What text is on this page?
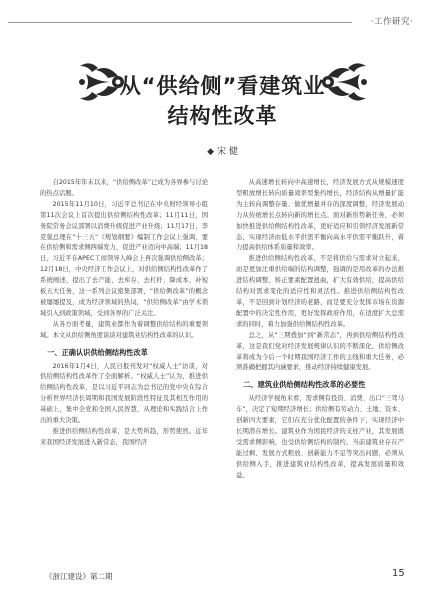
·工作研究·
从“供给侧”看建筑业
结构性改革
◆ 宋 健

自2015年年末以来，“供给侧改革”已成为各界参与讨论的热点话题。

2015年11月10日，习近平总书记在中央财经领导小组第11次会议上首次提出供给侧结构性改革；11月11日，国务院常务会议部署以消费升级促进产业升级；11月17日，李克强总理在“十三五”《规划纲要》编制工作会议上强调，要在供给侧和需求侧两端发力，促进产业迈向中高端；11月18日，习近平在APEC工商领导人峰会上再次强调供给侧改革；12月18日，中央经济工作会议上，对供给侧结构性改革作了系统阐述，提出了去产能、去库存、去杠杆、降成本、补短板五大任务，这一系列会议密集部署，“供给侧改革”的概念被屡屡提及，成为经济领域的热词，“供给侧改革”由学术领域引入到政策领域，受到各界的广泛关注。

从各方面考量，建筑业都作为着调整供给结构的重要领域。本文从供给侧角度谈谈对建筑业结构性改革的认识。

一、正确认识供给侧结构性改革

2016年1月4日，人民日报刊发对“权威人士”访谈，对供给侧结构性改革作了全面解析。“权威人士”认为，推进供给侧结构性改革，是以习近平同志为总书记的党中央在综合分析世界经济长周期和我国发展阶段性特征及其相互作用的基础上，集中全党和全国人民智慧，从理论和实践结合上作出的重大决策。

推进供给侧结构性改革，是大势所趋，形势使然。近年来我国经济发展进入新常态，我国经济

从高速增长转向中高速增长，经济发展方式从规模速度型粗放增长转向质量效率型集约增长，经济结构从增量扩能为主转向调整存量、做优增量并存的深度调整，经济发展动力从传统增长点转向新的增长点。面对新形势新任务，必须加快推进供给侧结构性改革，更好适应和引领经济发展新常态，实现经济由低水平供需平衡向高水平供需平衡跃升，着力提高供给体系质量和效率。

推进供给侧结构性改革，不是将供给与需求对立起来，而是更加注重供给端的结构调整，强调的是用改革的办法推进结构调整，矫正要素配置扭曲，扩大有效供给，提高供给结构对需求变化的适应性和灵活性。推进供给侧结构性改革，不是回到计划经济的老路，而是要充分发挥市场在资源配置中的决定性作用，更好发挥政府作用，在适度扩大总需求的同时，着力加强供给侧结构性改革。

总之，从“三期叠加”到“新常态”，再到供给侧结构性改革，这是我们党对经济发展规律认识的不断深化，供给侧改革将成为今后一个时期我国经济工作的主线和重大任务，必须准确把握其内涵要求，推动经济持续健康发展。

二、建筑业供给侧结构性改革的必要性

从经济学视角来看，需求侧有投资、消费、出口“三驾马车”，决定了短期经济增长；供给侧有劳动力、土地、资本、创新四大要素，它们在充分优化配置的条件下，实现经济中长期潜在增长。建筑业作为国民经济的支柱产业，其发展既受需求侧影响，也受供给侧结构的制约，当前建筑业存在产能过剩、发展方式粗放、创新能力不足等突出问题，必须从供给侧入手，推进建筑业结构性改革，提高发展质量和效益。

《浙江建设》第二期	15
